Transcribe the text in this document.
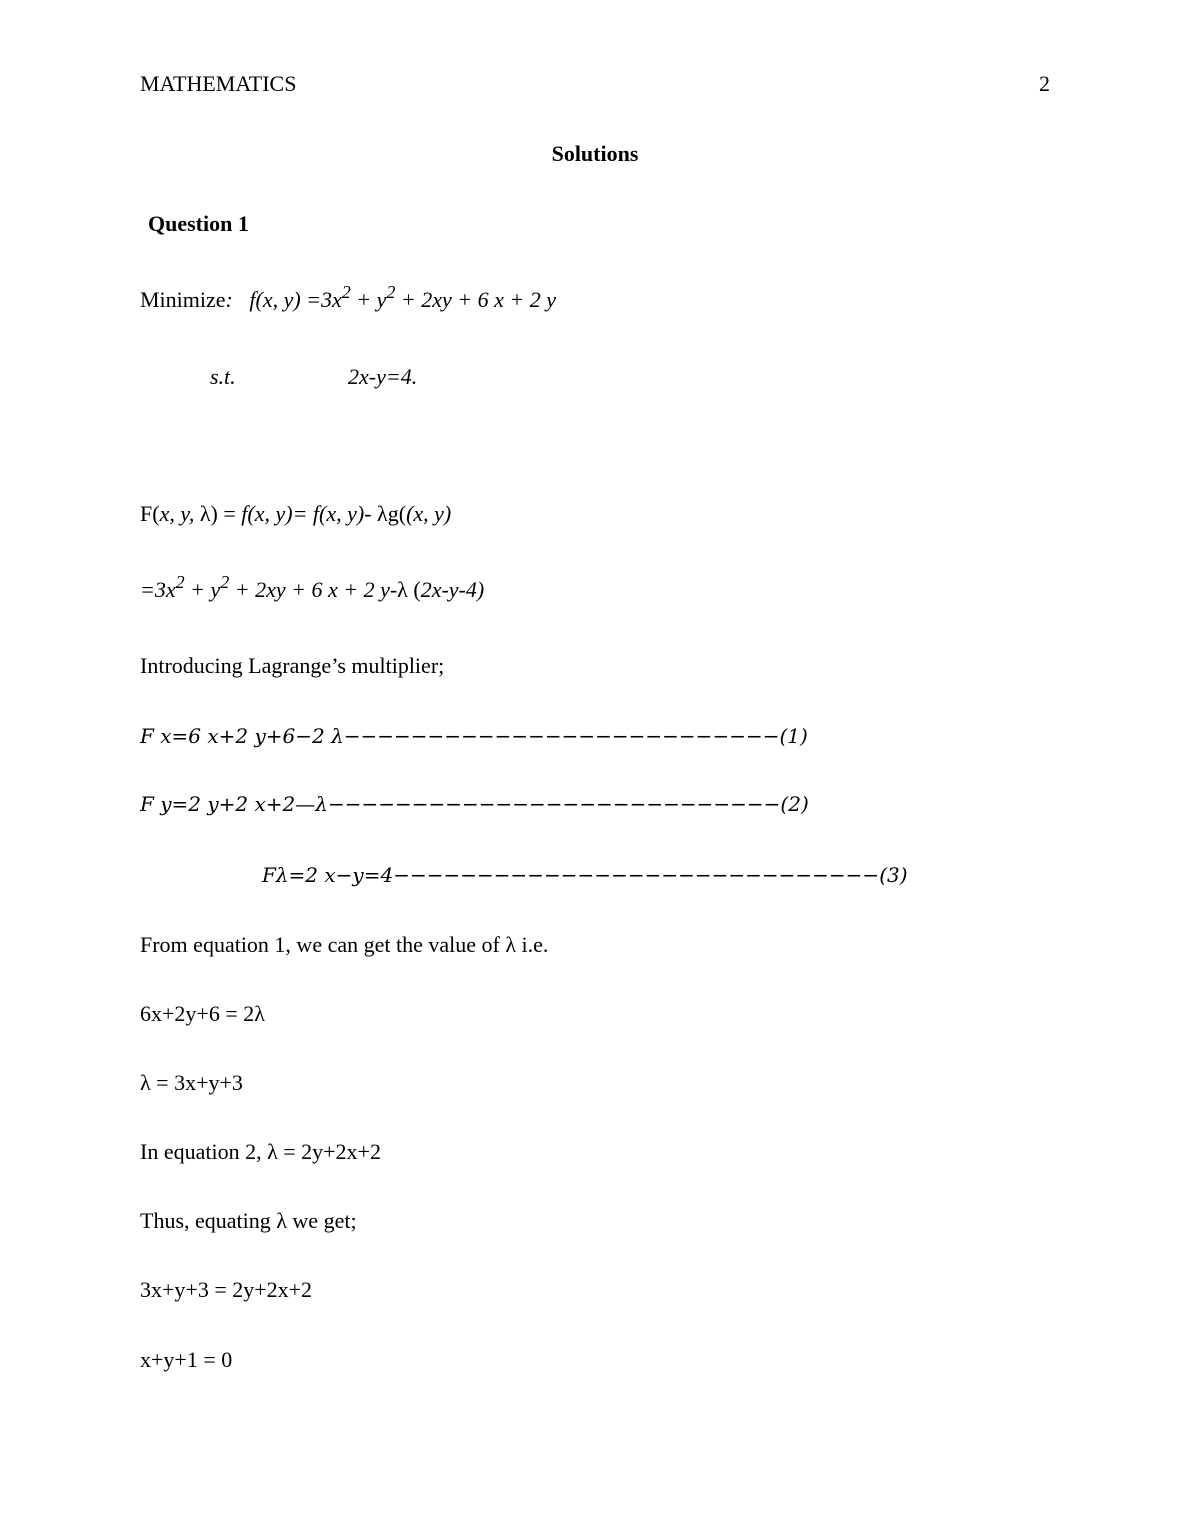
MATHEMATICS	2
Solutions
Question 1
Minimize: f(x, $y) =3x^2 + y^2 + 2xy + 6$ x + 2 y
s.t.	2x-y=4.
F(x, y, λ) = f(x, y)= f(x, y)- λg((x, y)
$=3x^2 + y^2 + 2xy + 6$ x + 2 y-λ (2x-y-4)
Introducing Lagrange’s multiplier;
F x=6 x+2 y+6−2 λ−−−−−−−−−−−−−−−−−−−−−−−−−−(1)
F y=2 y+2 x+2—λ−−−−−−−−−−−−−−−−−−−−−−−−−−−(2)
Fλ=2 x−y=4−−−−−−−−−−−−−−−−−−−−−−−−−−−−−(3)
From equation 1, we can get the value of λ i.e.
6x+2y+6 = 2λ
λ = 3x+y+3
In equation 2, λ = 2y+2x+2
Thus, equating λ we get;
3x+y+3 = 2y+2x+2
x+y+1 = 0
